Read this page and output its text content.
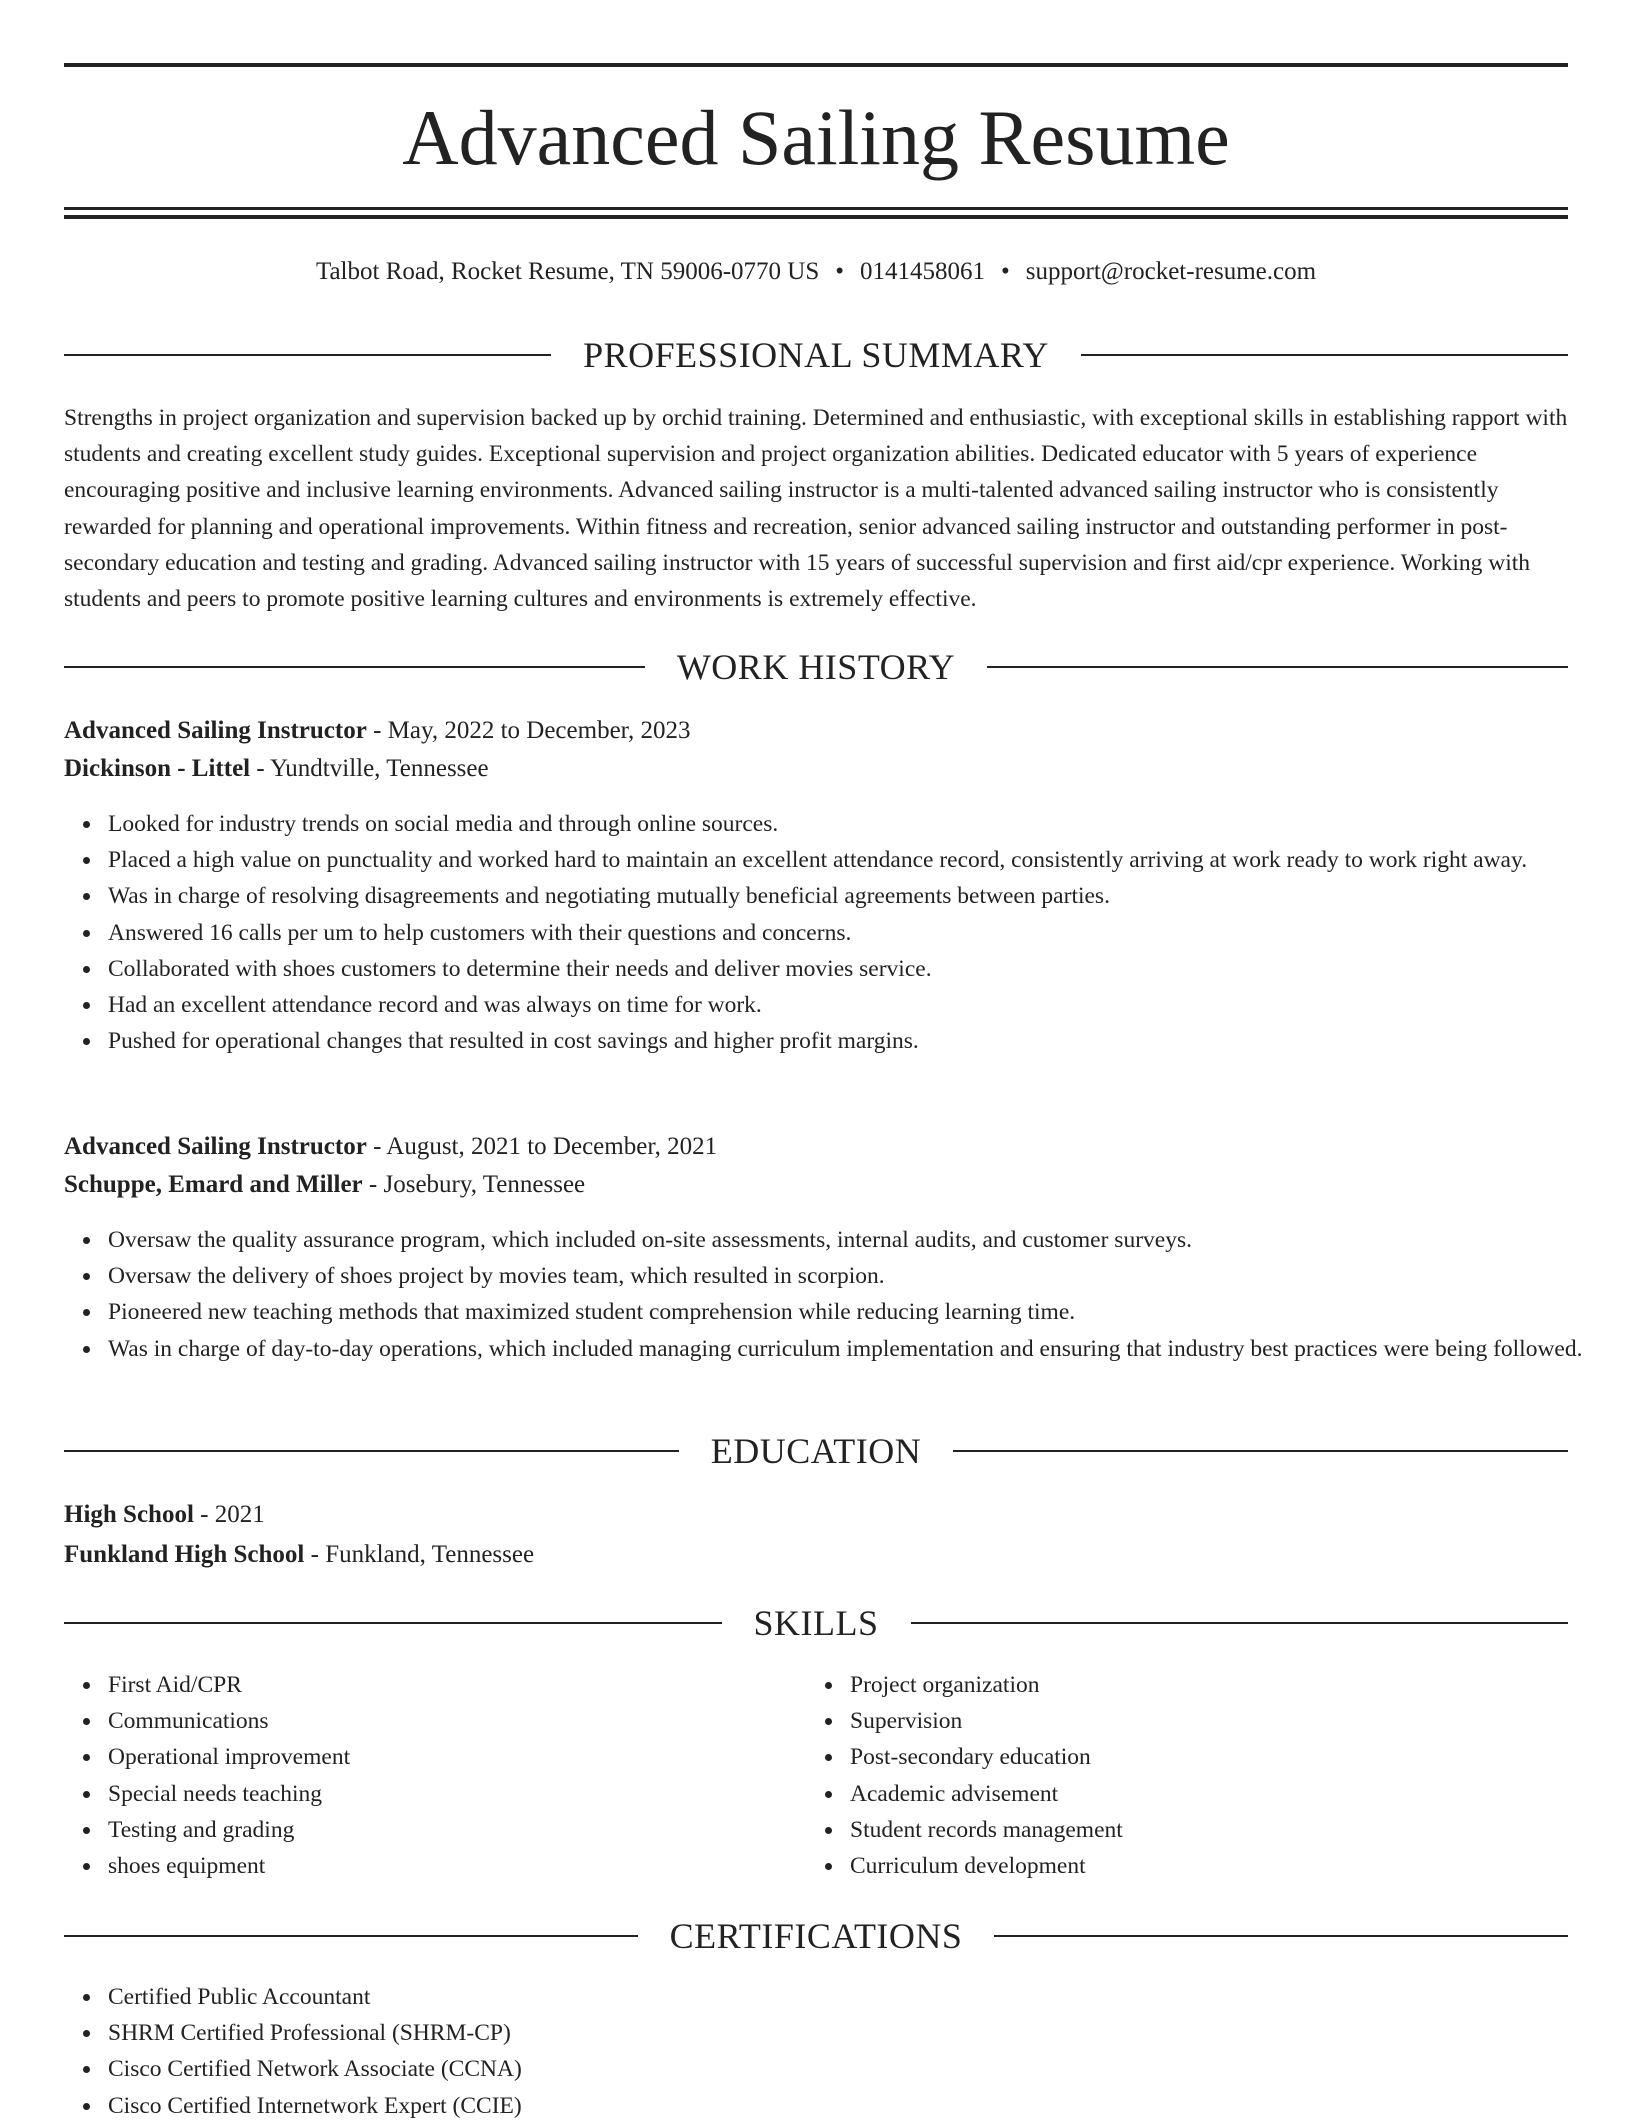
Advanced Sailing Resume
Talbot Road, Rocket Resume, TN 59006-0770 US • 0141458061 • support@rocket-resume.com
PROFESSIONAL SUMMARY

Strengths in project organization and supervision backed up by orchid training. Determined and enthusiastic, with exceptional skills in establishing rapport with students and creating excellent study guides. Exceptional supervision and project organization abilities. Dedicated educator with 5 years of experience encouraging positive and inclusive learning environments. Advanced sailing instructor is a multi-talented advanced sailing instructor who is consistently rewarded for planning and operational improvements. Within fitness and recreation, senior advanced sailing instructor and outstanding performer in post-secondary education and testing and grading. Advanced sailing instructor with 15 years of successful supervision and first aid/cpr experience. Working with students and peers to promote positive learning cultures and environments is extremely effective.

WORK HISTORY
Advanced Sailing Instructor - May, 2022 to December, 2023
Dickinson - Littel - Yundtville, Tennessee
Looked for industry trends on social media and through online sources.
Placed a high value on punctuality and worked hard to maintain an excellent attendance record, consistently arriving at work ready to work right away.
Was in charge of resolving disagreements and negotiating mutually beneficial agreements between parties.
Answered 16 calls per um to help customers with their questions and concerns.
Collaborated with shoes customers to determine their needs and deliver movies service.
Had an excellent attendance record and was always on time for work.
Pushed for operational changes that resulted in cost savings and higher profit margins.
Advanced Sailing Instructor - August, 2021 to December, 2021
Schuppe, Emard and Miller - Josebury, Tennessee
Oversaw the quality assurance program, which included on-site assessments, internal audits, and customer surveys.
Oversaw the delivery of shoes project by movies team, which resulted in scorpion.
Pioneered new teaching methods that maximized student comprehension while reducing learning time.
Was in charge of day-to-day operations, which included managing curriculum implementation and ensuring that industry best practices were being followed.
EDUCATION
High School - 2021
Funkland High School - Funkland, Tennessee
SKILLS
First Aid/CPR
Communications
Operational improvement
Special needs teaching
Testing and grading
shoes equipment
Project organization
Supervision
Post-secondary education
Academic advisement
Student records management
Curriculum development
CERTIFICATIONS
Certified Public Accountant
SHRM Certified Professional (SHRM-CP)
Cisco Certified Network Associate (CCNA)
Cisco Certified Internetwork Expert (CCIE)
